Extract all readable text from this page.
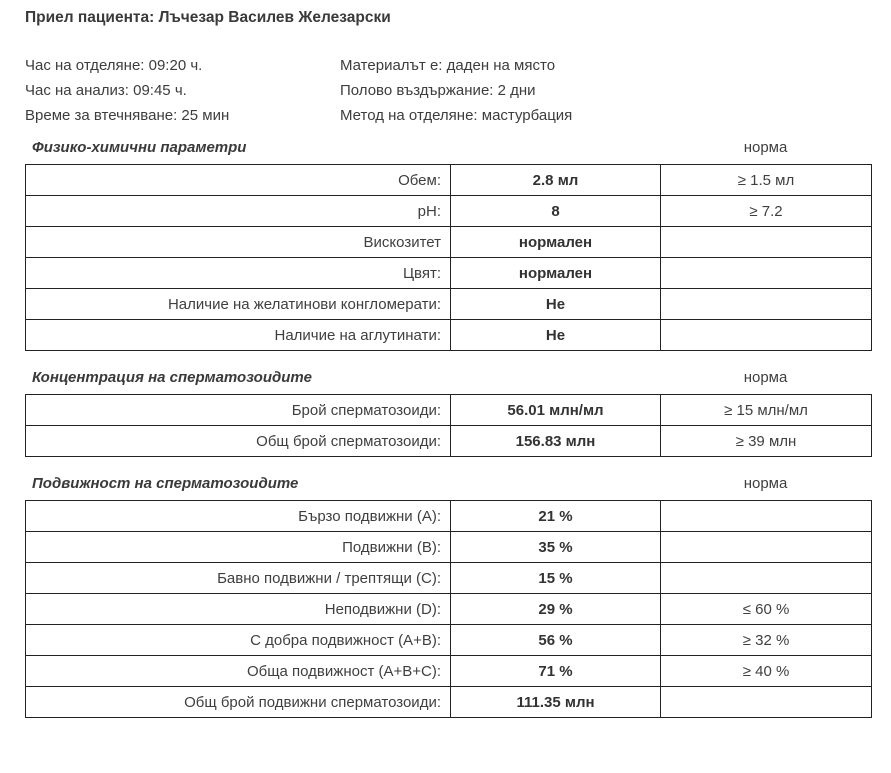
Приел пациента: Лъчезар Василев Железарски
Час на отделяне: 09:20 ч.
Час на анализ: 09:45 ч.
Време за втечняване: 25 мин
Материалът е: даден на място
Полово въздържание: 2 дни
Метод на отделяне: мастурбация
Физико-химични параметри	норма
Обем:	2.8 мл	≥ 1.5 мл
pH:	8	≥ 7.2
Вискозитет	нормален	
Цвят:	нормален	
Наличие на желатинови конгломерати:	Не	
Наличие на аглутинати:	Не	
Концентрация на сперматозоидите	норма
Брой сперматозоиди:	56.01 млн/мл	≥ 15 млн/мл
Общ брой сперматозоиди:	156.83 млн	≥ 39 млн
Подвижност на сперматозоидите	норма
Бързо подвижни (A):	21 %	
Подвижни (B):	35 %	
Бавно подвижни / трептящи (C):	15 %	
Неподвижни (D):	29 %	≤ 60 %
С добра подвижност (A+B):	56 %	≥ 32 %
Обща подвижност (A+B+C):	71 %	≥ 40 %
Общ брой подвижни сперматозоиди:	111.35 млн	
